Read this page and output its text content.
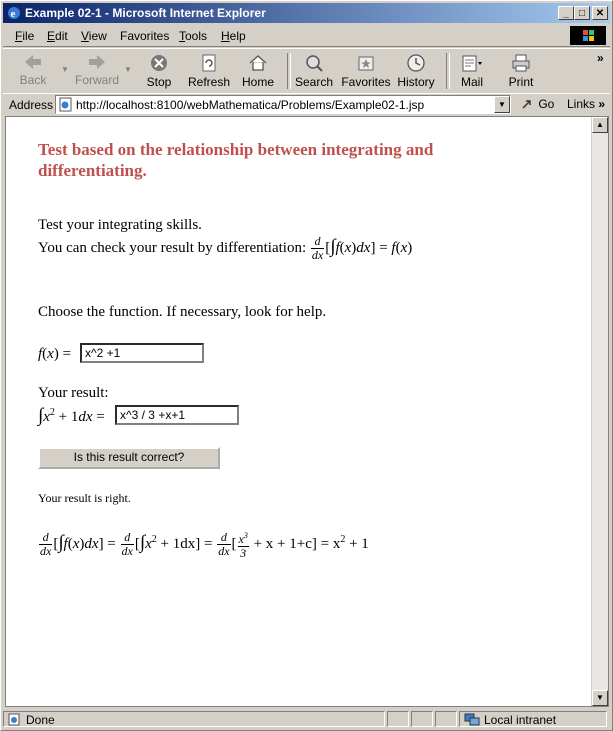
e Example 02-1 - Microsoft Internet Explorer	_	□	✕
File Edit View Favorites Tools Help
Back
▼
Forward
▼
Stop	Refresh Home	Search Favorites History	Mail	Print
»
Address http://localhost:8100/webMathematica/Problems/Example02-1.jsp	▼	Go Links »
Test based on the relationship between integrating and differentiating.
Test your integrating skills.
You can check your result by differentiation: $\frac{d}{dx} [\int f(x)dx] = f(x)$
Choose the function. If necessary, look for help.
f(x) =	x^2 +1
Your result:
$\int x^2 + 1dx$ =	x^3 / 3 +x+1
Is this result correct?
Your result is right.
$\frac{d}{dx} [\int f(x)dx] = \frac{d}{dx} [\int x^2 + 1dx] = \frac{d}{dx}$ [ $\frac{x^3}{3} + x + 1+c] = x^2 + 1$
▲
▼
Done	Local intranet
